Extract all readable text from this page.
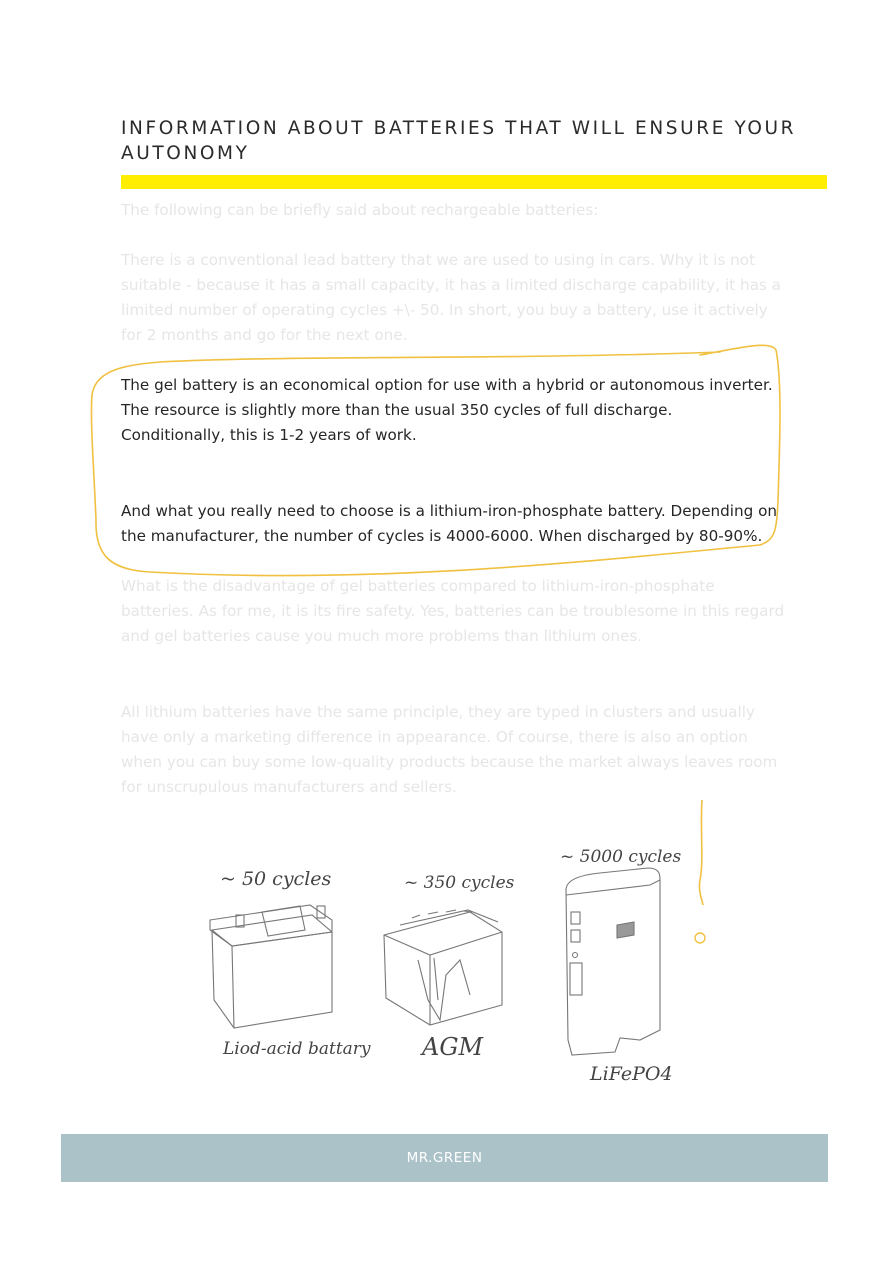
INFORMATION ABOUT BATTERIES THAT WILL ENSURE YOUR AUTONOMY

The following can be briefly said about rechargeable batteries:

There is a conventional lead battery that we are used to using in cars. Why it is not suitable - because it has a small capacity, it has a limited discharge capability, it has a limited number of operating cycles +\- 50. In short, you buy a battery, use it actively for 2 months and go for the next one.

The gel battery is an economical option for use with a hybrid or autonomous inverter. The resource is slightly more than the usual 350 cycles of full discharge. Conditionally, this is 1-2 years of work.

And what you really need to choose is a lithium-iron-phosphate battery. Depending on the manufacturer, the number of cycles is 4000-6000. When discharged by 80-90%.

What is the disadvantage of gel batteries compared to lithium-iron-phosphate batteries. As for me, it is its fire safety. Yes, batteries can be troublesome in this regard and gel batteries cause you much more problems than lithium ones.

All lithium batteries have the same principle, they are typed in clusters and usually have only a marketing difference in appearance. Of course, there is also an option when you can buy some low-quality products because the market always leaves room for unscrupulous manufacturers and sellers.

~ 50 cycles
Liod-acid battary
~ 350 cycles
AGM
~ 5000 cycles
LiFePO4
MR.GREEN
